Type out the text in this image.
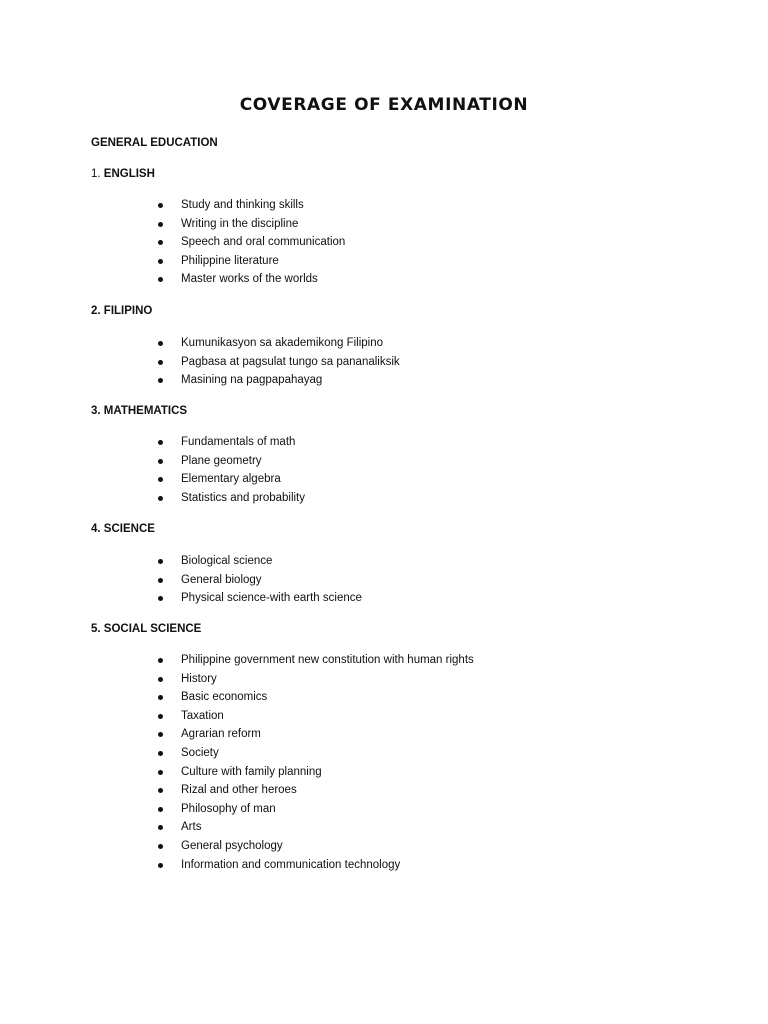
COVERAGE OF EXAMINATION
GENERAL EDUCATION
1. ENGLISH
Study and thinking skills
Writing in the discipline
Speech and oral communication
Philippine literature
Master works of the worlds
2. FILIPINO
Kumunikasyon sa akademikong Filipino
Pagbasa at pagsulat tungo sa pananaliksik
Masining na pagpapahayag
3. MATHEMATICS
Fundamentals of math
Plane geometry
Elementary algebra
Statistics and probability
4. SCIENCE
Biological science
General biology
Physical science-with earth science
5. SOCIAL SCIENCE
Philippine government new constitution with human rights
History
Basic economics
Taxation
Agrarian reform
Society
Culture with family planning
Rizal and other heroes
Philosophy of man
Arts
General psychology
Information and communication technology
